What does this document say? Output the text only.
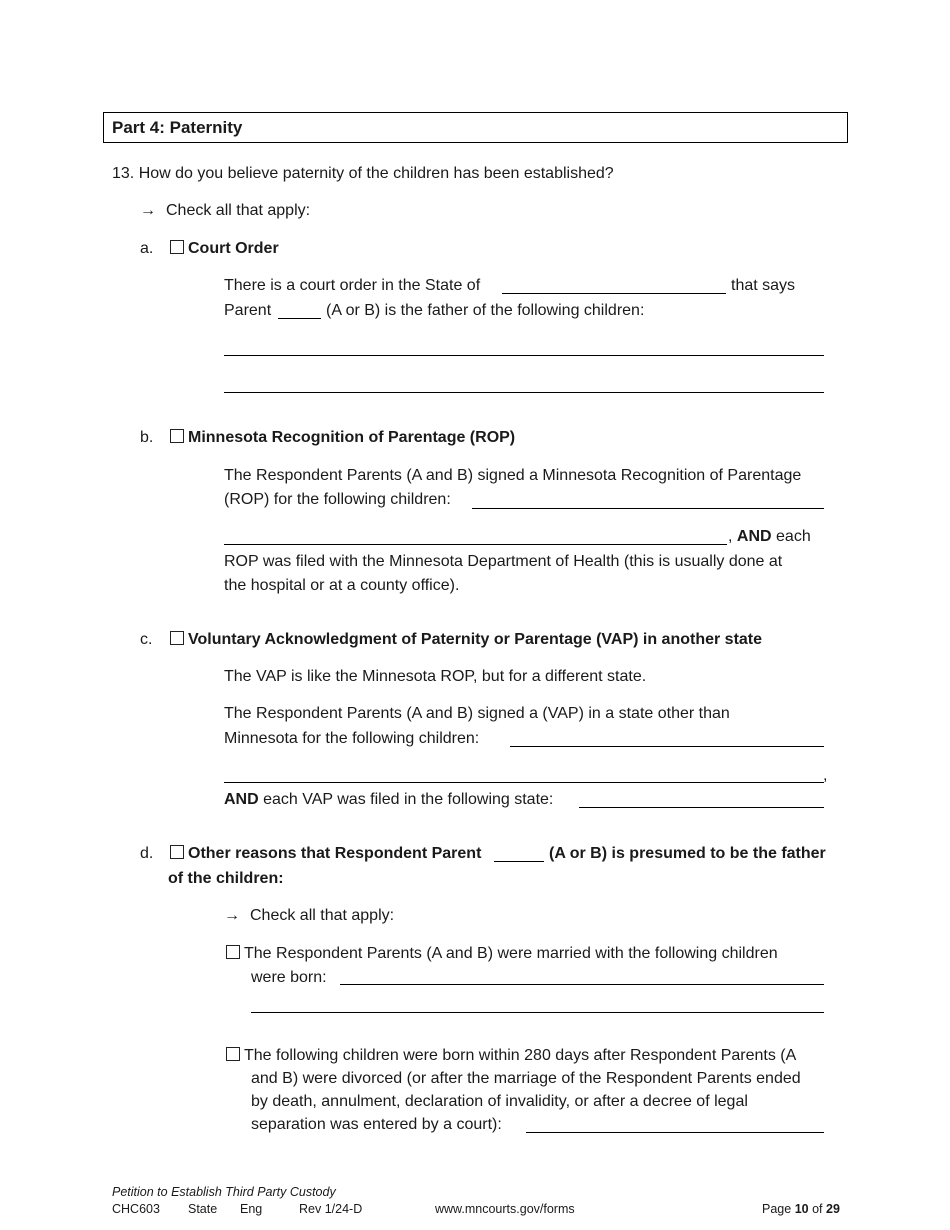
Part 4: Paternity
13. How do you believe paternity of the children has been established?
→ Check all that apply:
a.	Court Order
There is a court order in the State of	that says
Parent	(A or B) is the father of the following children:
b.	Minnesota Recognition of Parentage (ROP)
The Respondent Parents (A and B) signed a Minnesota Recognition of Parentage
(ROP) for the following children:
, AND each
ROP was filed with the Minnesota Department of Health (this is usually done at
the hospital or at a county office).
c.	Voluntary Acknowledgment of Paternity or Parentage (VAP) in another state
The VAP is like the Minnesota ROP, but for a different state.
The Respondent Parents (A and B) signed a (VAP) in a state other than
Minnesota for the following children:
,
AND each VAP was filed in the following state:
d.	Other reasons that Respondent Parent	(A or B) is presumed to be the father
of the children:
→ Check all that apply:
The Respondent Parents (A and B) were married with the following children
were born:
The following children were born within 280 days after Respondent Parents (A
and B) were divorced (or after the marriage of the Respondent Parents ended
by death, annulment, declaration of invalidity, or after a decree of legal
separation was entered by a court):
Petition to Establish Third Party Custody
CHC603 State Eng	Rev 1/24-D	www.mncourts.gov/forms	Page 10 of 29
